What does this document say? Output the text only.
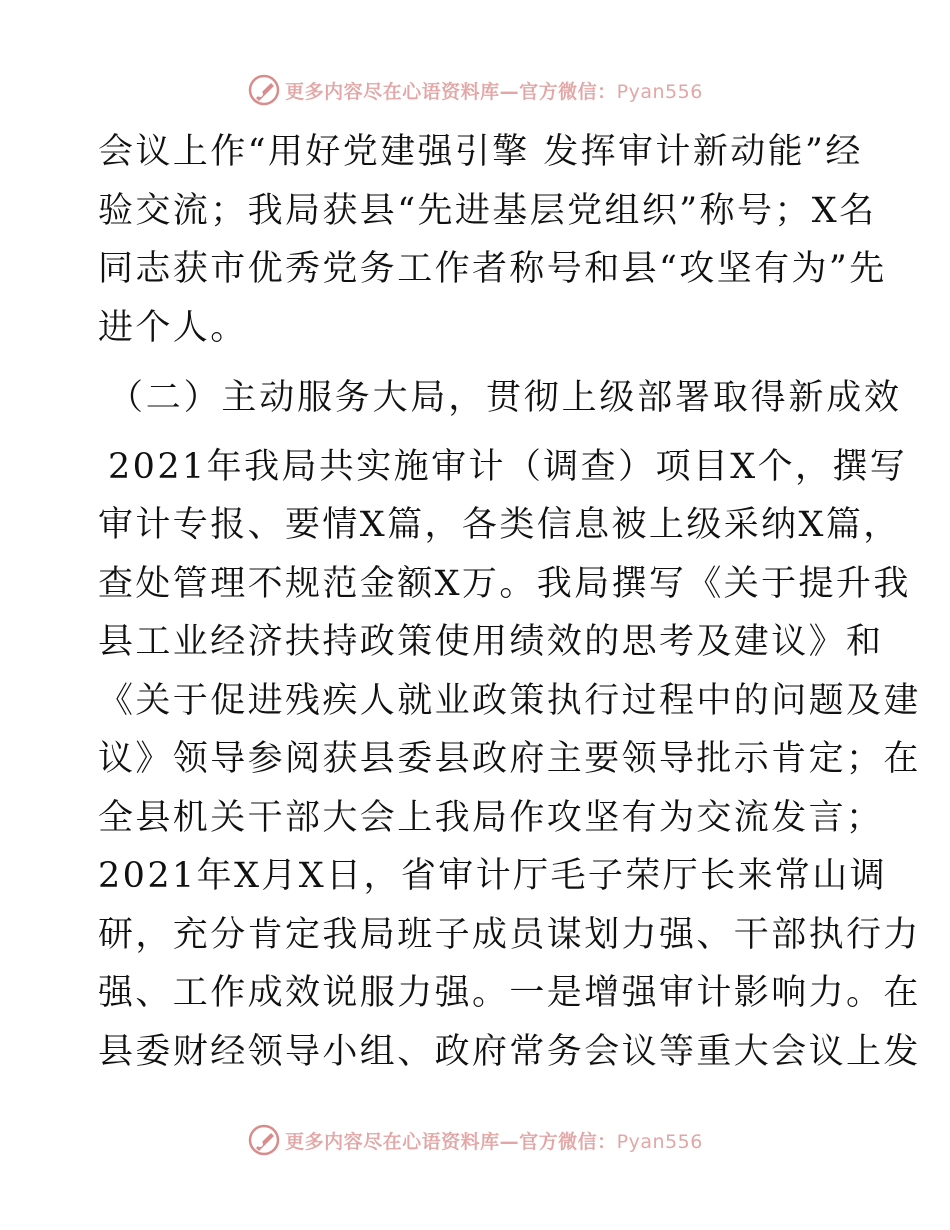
更多内容尽在心语资料库—官方微信：Pyan556
会议上作“用好党建强引擎 发挥审计新动能”经
验交流；我局获县“先进基层党组织”称号；X名
同志获市优秀党务工作者称号和县“攻坚有为”先
进个人。
（二）主动服务大局，贯彻上级部署取得新成效
2021年我局共实施审计（调查）项目X个，撰写
审计专报、要情X篇，各类信息被上级采纳X篇，
查处管理不规范金额X万。我局撰写《关于提升我
县工业经济扶持政策使用绩效的思考及建议》和
《关于促进残疾人就业政策执行过程中的问题及建
议》领导参阅获县委县政府主要领导批示肯定；在
全县机关干部大会上我局作攻坚有为交流发言；
2021年X月X日，省审计厅毛子荣厅长来常山调
研，充分肯定我局班子成员谋划力强、干部执行力
强、工作成效说服力强。一是增强审计影响力。在
县委财经领导小组、政府常务会议等重大会议上发
更多内容尽在心语资料库—官方微信：Pyan556
